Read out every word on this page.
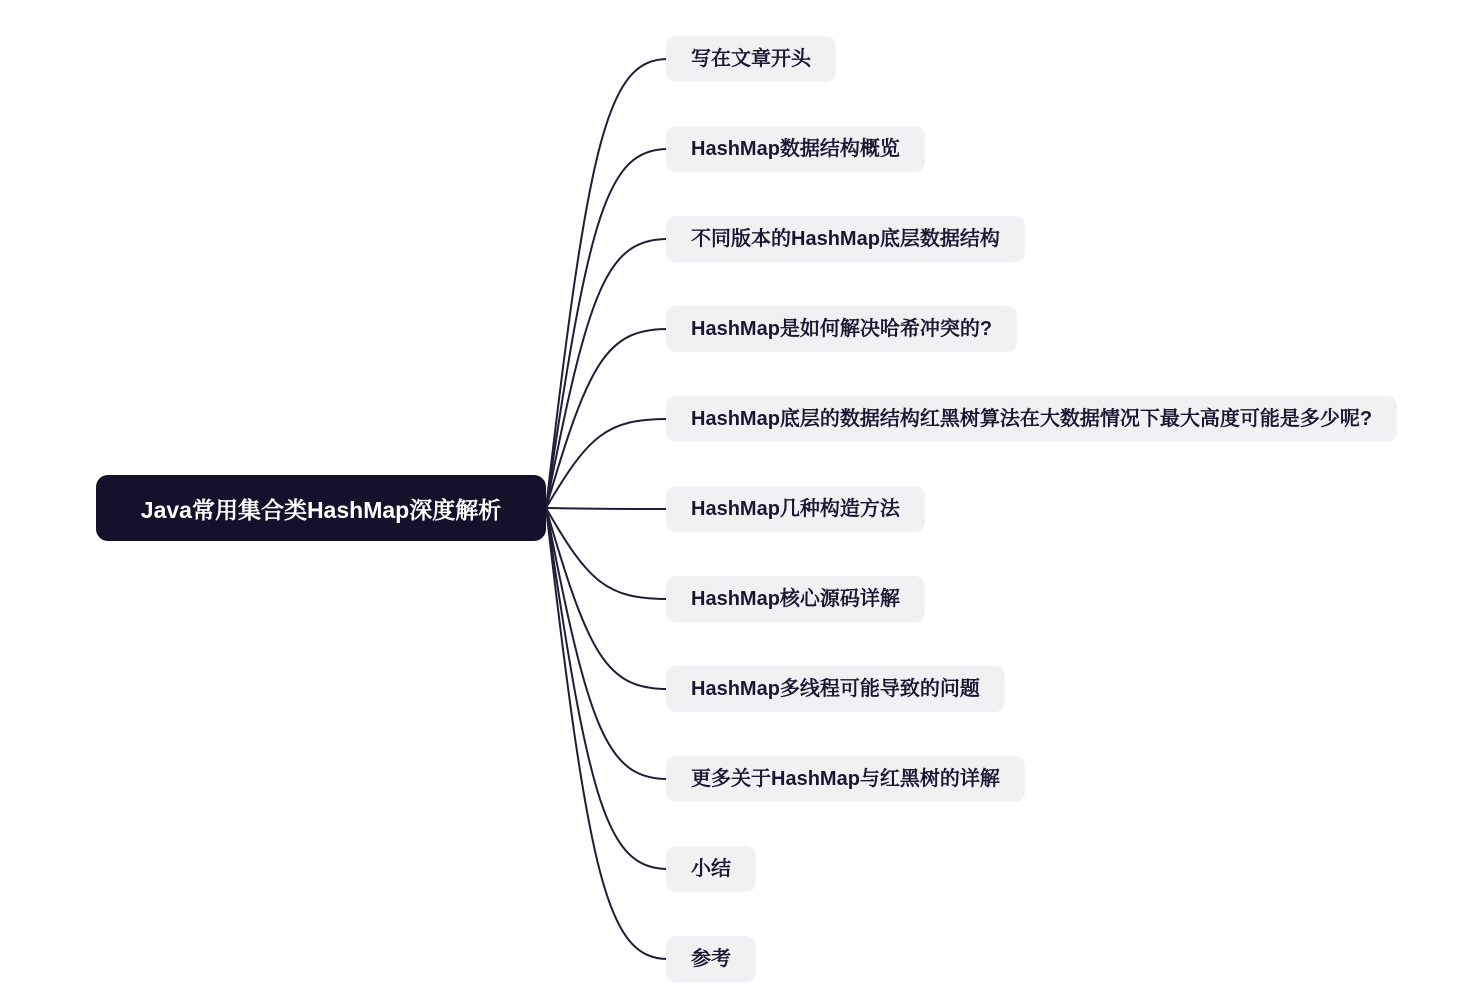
Java常用集合类HashMap深度解析
写在文章开头
HashMap数据结构概览
不同版本的HashMap底层数据结构
HashMap是如何解决哈希冲突的?
HashMap底层的数据结构红黑树算法在大数据情况下最大高度可能是多少呢?
HashMap几种构造方法
HashMap核心源码详解
HashMap多线程可能导致的问题
更多关于HashMap与红黑树的详解
小结
参考
